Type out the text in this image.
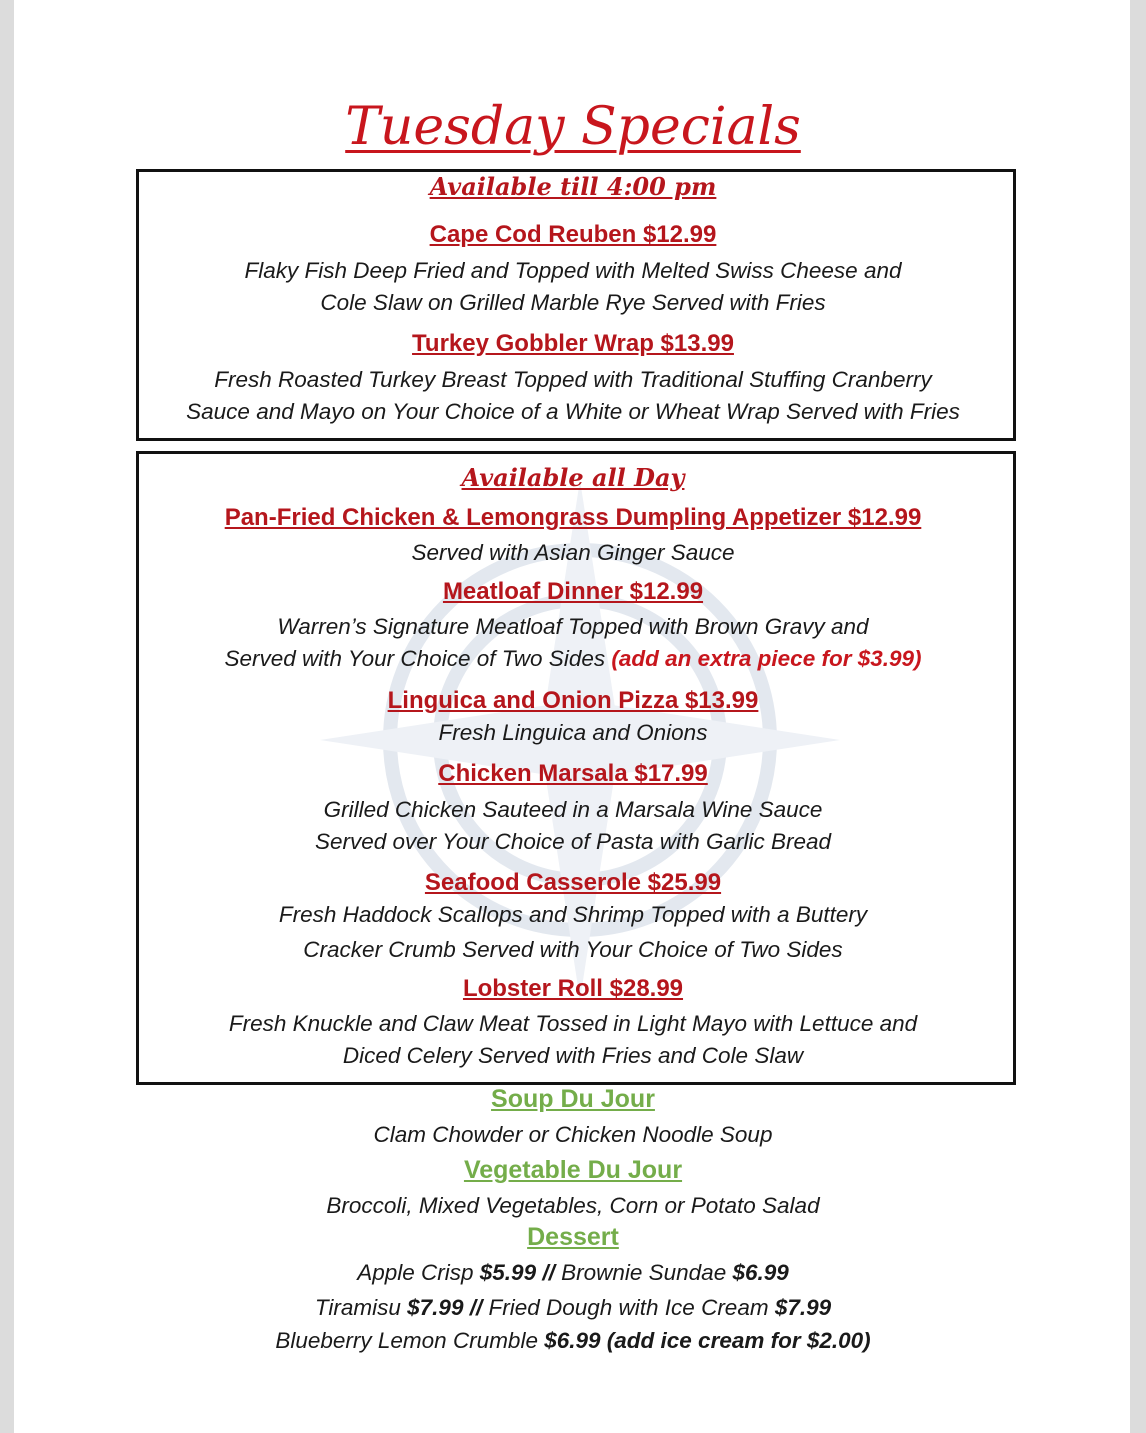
Tuesday Specials
Available till 4:00 pm
Cape Cod Reuben $12.99
Flaky Fish Deep Fried and Topped with Melted Swiss Cheese and
Cole Slaw on Grilled Marble Rye Served with Fries
Turkey Gobbler Wrap $13.99
Fresh Roasted Turkey Breast Topped with Traditional Stuffing Cranberry
Sauce and Mayo on Your Choice of a White or Wheat Wrap Served with Fries
Available all Day
Pan-Fried Chicken & Lemongrass Dumpling Appetizer $12.99
Served with Asian Ginger Sauce
Meatloaf Dinner $12.99
Warren’s Signature Meatloaf Topped with Brown Gravy and
Served with Your Choice of Two Sides (add an extra piece for $3.99)
Linguica and Onion Pizza $13.99
Fresh Linguica and Onions
Chicken Marsala $17.99
Grilled Chicken Sauteed in a Marsala Wine Sauce
Served over Your Choice of Pasta with Garlic Bread
Seafood Casserole $25.99
Fresh Haddock Scallops and Shrimp Topped with a Buttery
Cracker Crumb Served with Your Choice of Two Sides
Lobster Roll $28.99
Fresh Knuckle and Claw Meat Tossed in Light Mayo with Lettuce and
Diced Celery Served with Fries and Cole Slaw
Soup Du Jour
Clam Chowder or Chicken Noodle Soup
Vegetable Du Jour
Broccoli, Mixed Vegetables, Corn or Potato Salad
Dessert
Apple Crisp $5.99 // Brownie Sundae $6.99
Tiramisu $7.99 // Fried Dough with Ice Cream $7.99
Blueberry Lemon Crumble $6.99 (add ice cream for $2.00)
